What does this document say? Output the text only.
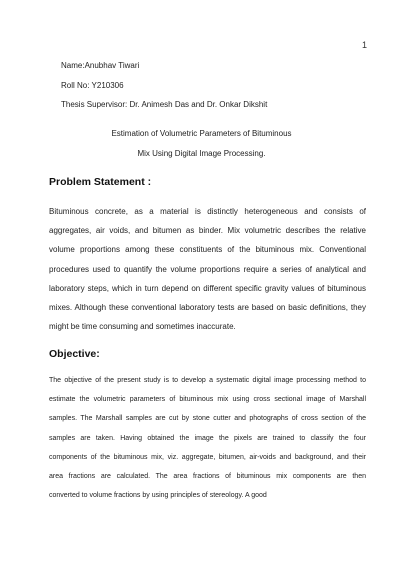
1
Name:Anubhav Tiwari
Roll No: Y210306
Thesis Supervisor: Dr. Animesh Das and Dr. Onkar Dikshit
Estimation of Volumetric Parameters of Bituminous
Mix Using Digital Image Processing.
Problem Statement :
Bituminous concrete, as a material is distinctly heterogeneous and consists of
aggregates, air voids, and bitumen as binder. Mix volumetric describes the relative
volume proportions among these constituents of the bituminous mix. Conventional
procedures used to quantify the volume proportions require a series of analytical and
laboratory steps, which in turn depend on different specific gravity values of bituminous
mixes. Although these conventional laboratory tests are based on basic definitions, they
might be time consuming and sometimes inaccurate.
Objective:
The objective of the present study is to develop a systematic digital image processing method to
estimate the volumetric parameters of bituminous mix using cross sectional image of Marshall
samples. The Marshall samples are cut by stone cutter and photographs of cross section of the
samples are taken. Having obtained the image the pixels are trained to classify the four
components of the bituminous mix, viz. aggregate, bitumen, air-voids and background, and their
area fractions are calculated. The area fractions of bituminous mix components are then
converted to volume fractions by using principles of stereology. A good
